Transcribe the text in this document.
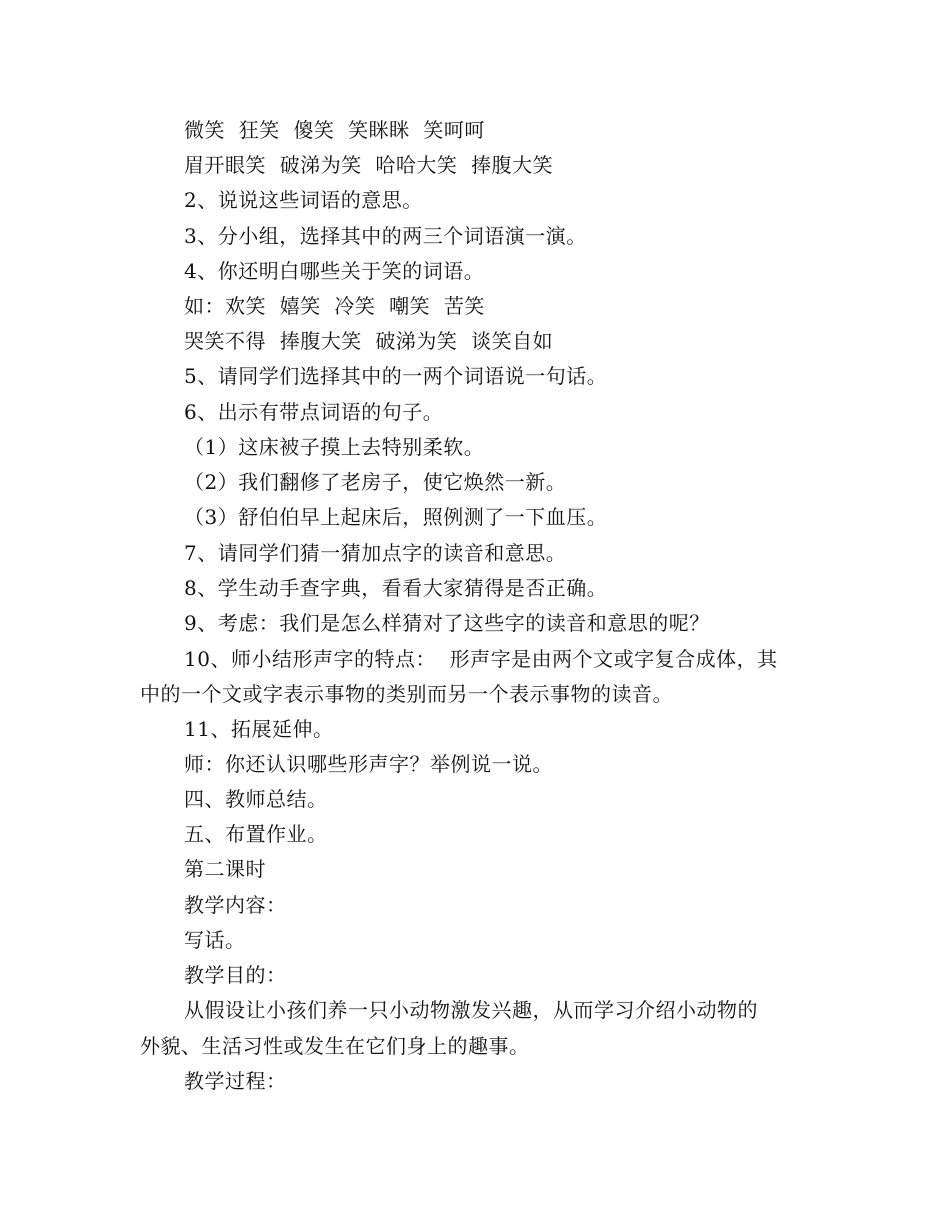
微笑  狂笑  傻笑  笑眯眯  笑呵呵
眉开眼笑  破涕为笑  哈哈大笑  捧腹大笑
2、说说这些词语的意思。
3、分小组，选择其中的两三个词语演一演。
4、你还明白哪些关于笑的词语。
如：欢笑  嬉笑  冷笑  嘲笑  苦笑
哭笑不得  捧腹大笑  破涕为笑  谈笑自如
5、请同学们选择其中的一两个词语说一句话。
6、出示有带点词语的句子。
（1）这床被子摸上去特别柔软。
（2）我们翻修了老房子，使它焕然一新。
（3）舒伯伯早上起床后，照例测了一下血压。
7、请同学们猜一猜加点字的读音和意思。
8、学生动手查字典，看看大家猜得是否正确。
9、考虑：我们是怎么样猜对了这些字的读音和意思的呢？
10、师小结形声字的特点：  形声字是由两个文或字复合成体，其
中的一个文或字表示事物的类别而另一个表示事物的读音。
11、拓展延伸。
师：你还认识哪些形声字？举例说一说。
四、教师总结。
五、布置作业。
第二课时
教学内容：
写话。
教学目的：
从假设让小孩们养一只小动物激发兴趣，从而学习介绍小动物的
外貌、生活习性或发生在它们身上的趣事。
教学过程：
